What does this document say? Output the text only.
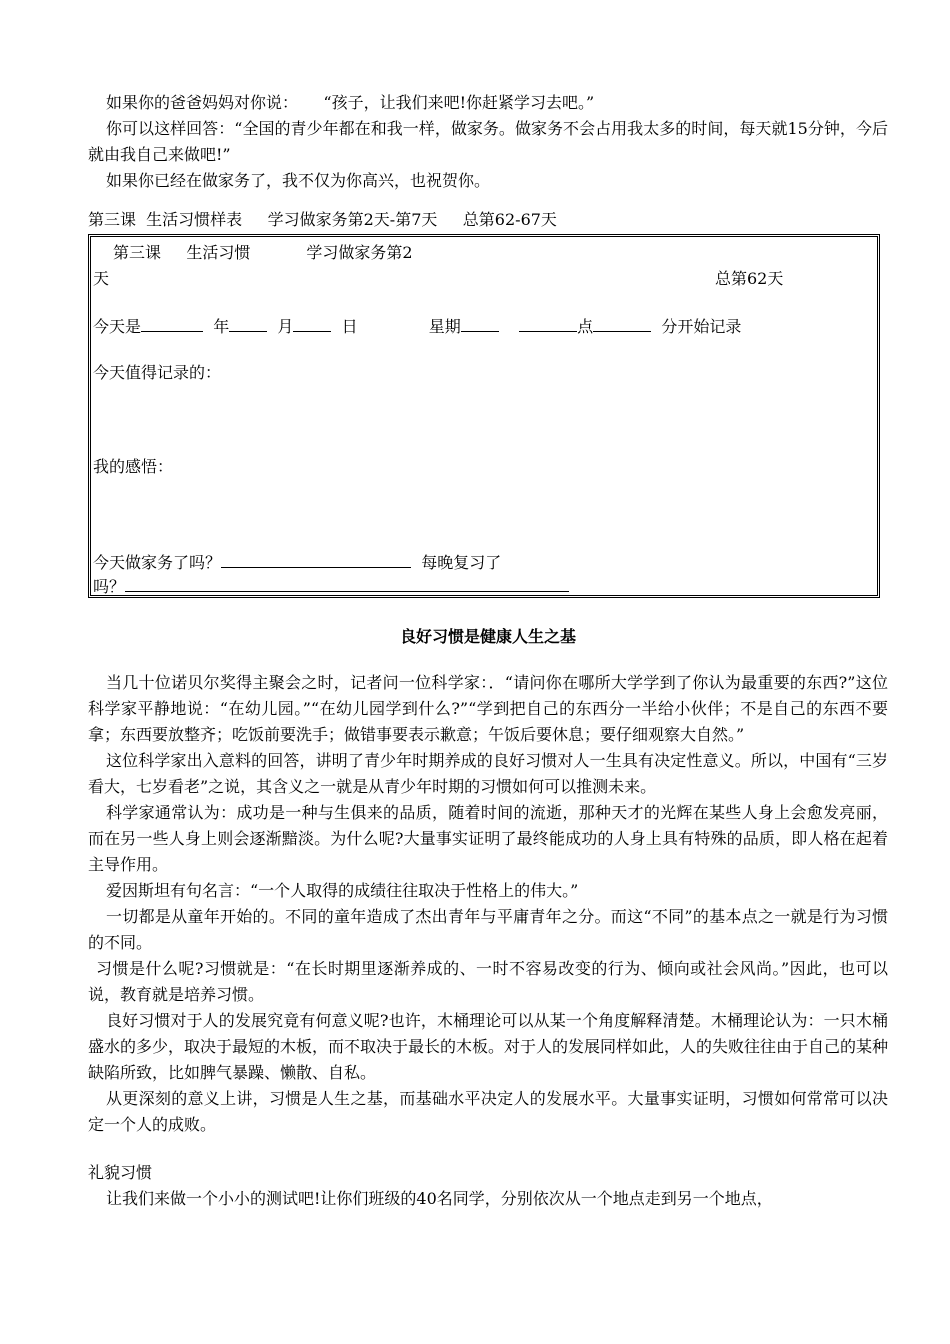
如果你的爸爸妈妈对你说：     “孩子，让我们来吧!你赶紧学习去吧。”

你可以这样回答：“全国的青少年都在和我一样，做家务。做家务不会占用我太多的时间，每天就15分钟，今后就由我自己来做吧!”

如果你已经在做家务了，我不仅为你高兴，也祝贺你。

第三课  生活习惯样表     学习做家务第2天-第7天     总第62-67天
第三课     生活习惯           学习做家务第2
天	总第62天
今天是	年	月	日	星期	点	分开始记录
今天值得记录的：
我的感悟：
今天做家务了吗？	每晚复习了
吗？
良好习惯是健康人生之基

当几十位诺贝尔奖得主聚会之时，记者问一位科学家：．“请问你在哪所大学学到了你认为最重要的东西?”这位科学家平静地说：“在幼儿园。”“在幼儿园学到什么?”“学到把自己的东西分一半给小伙伴；不是自己的东西不要拿；东西要放整齐；吃饭前要洗手；做错事要表示歉意；午饭后要休息；要仔细观察大自然。”

这位科学家出入意料的回答，讲明了青少年时期养成的良好习惯对人一生具有决定性意义。所以，中国有“三岁看大，七岁看老”之说，其含义之一就是从青少年时期的习惯如何可以推测未来。

科学家通常认为：成功是一种与生俱来的品质，随着时间的流逝，那种天才的光辉在某些人身上会愈发亮丽，而在另一些人身上则会逐渐黯淡。为什么呢?大量事实证明了最终能成功的人身上具有特殊的品质，即人格在起着主导作用。

爱因斯坦有句名言：“一个人取得的成绩往往取决于性格上的伟大。”

一切都是从童年开始的。不同的童年造成了杰出青年与平庸青年之分。而这“不同”的基本点之一就是行为习惯的不同。

习惯是什么呢?习惯就是：“在长时期里逐渐养成的、一时不容易改变的行为、倾向或社会风尚。”因此，也可以说，教育就是培养习惯。

良好习惯对于人的发展究竟有何意义呢?也许，木桶理论可以从某一个角度解释清楚。木桶理论认为：一只木桶盛水的多少，取决于最短的木板，而不取决于最长的木板。对于人的发展同样如此，人的失败往往由于自己的某种缺陷所致，比如脾气暴躁、懒散、自私。

从更深刻的意义上讲，习惯是人生之基，而基础水平决定人的发展水平。大量事实证明，习惯如何常常可以决定一个人的成败。

礼貌习惯

让我们来做一个小小的测试吧!让你们班级的40名同学，分别依次从一个地点走到另一个地点，
